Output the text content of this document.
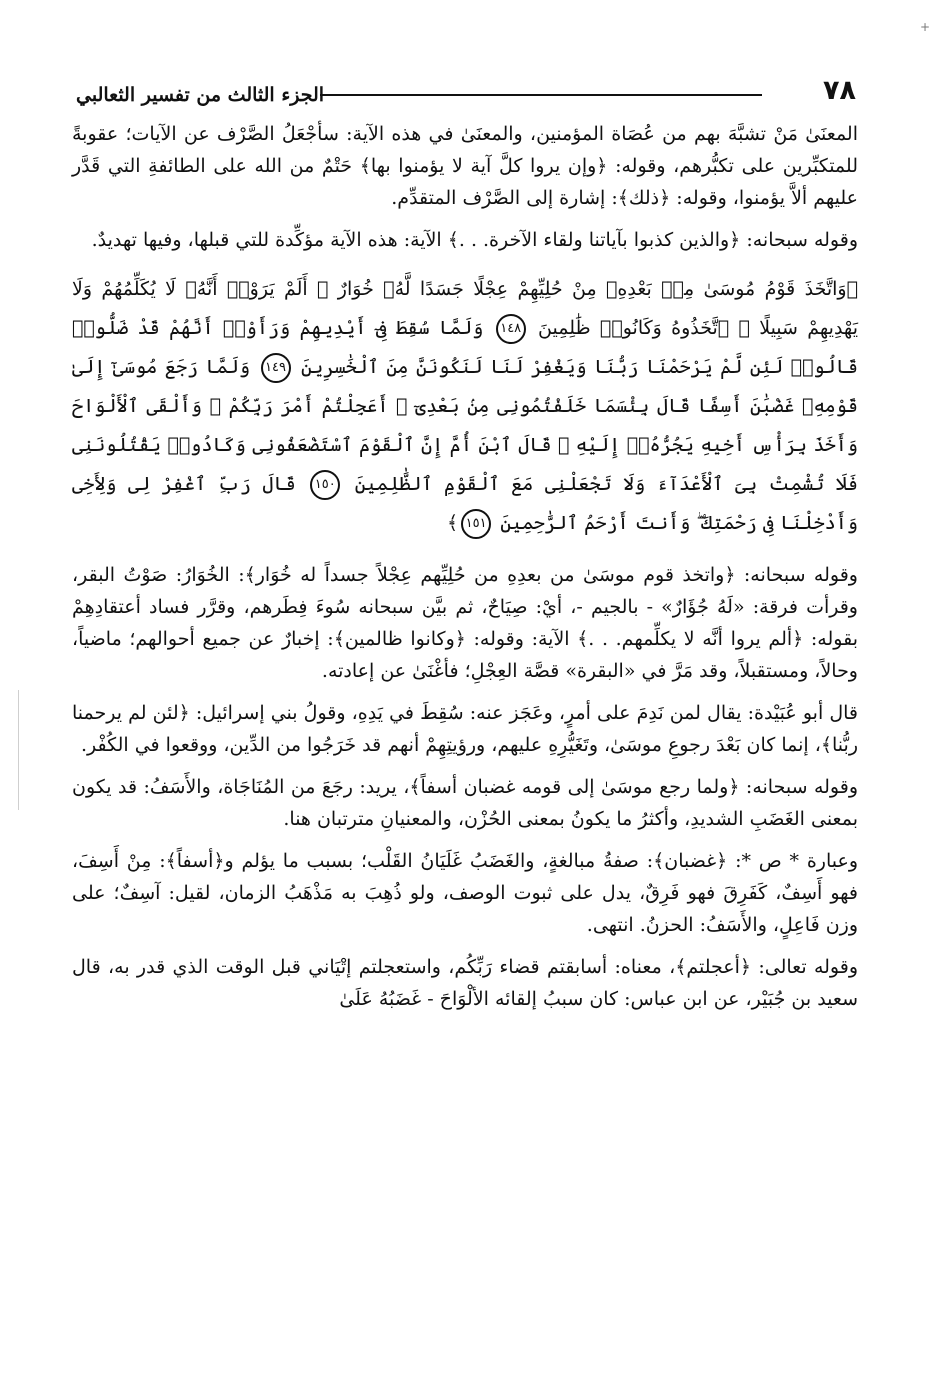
+
٧٨
الجزء الثالث من تفسير الثعالبي

المعنَىٰ مَنْ تشبَّهَ بهم من عُصَاة المؤمنين، والمعنَىٰ في هذه الآية: سأجْعَلُ الصَّرْف عن الآيات؛ عقوبةً للمتكبِّرين على تكبُّرهم، وقوله: ﴿وإن يروا كلَّ آية لا يؤمنوا بها﴾ حَتْمٌ من الله على الطائفةِ التي قَدَّر عليهم ألاَّ يؤمنوا، وقوله: ﴿ذلك﴾: إشارة إلى الصَّرْف المتقدِّم.

وقوله سبحانه: ﴿والذين كذبوا بآياتنا ولقاء الآخرة. . .﴾ الآية: هذه الآية مؤكِّدة للتي قبلها، وفيها تهديدٌ.

﴿وَاتَّخَذَ قَوْمُ مُوسَىٰ مِنۢ بَعْدِهِۦ مِنْ حُلِيِّهِمْ عِجْلًا جَسَدًا لَّهُۥ خُوَارٌ ۚ أَلَمْ يَرَوْا۟ أَنَّهُۥ لَا يُكَلِّمُهُمْ وَلَا يَهْدِيهِمْ سَبِيلًا ۘ ٱتَّخَذُوهُ وَكَانُوا۟ ظَٰلِمِينَ ١٤٨ وَلَمَّا سُقِطَ فِىٓ أَيْدِيهِمْ وَرَأَوْا۟ أَنَّهُمْ قَدْ ضَلُّوا۟ قَالُوا۟ لَئِن لَّمْ يَرْحَمْنَا رَبُّنَا وَيَغْفِرْ لَنَا لَنَكُونَنَّ مِنَ ٱلْخَٰسِرِينَ ١٤٩ وَلَمَّا رَجَعَ مُوسَىٰٓ إِلَىٰ قَوْمِهِۦ غَضْبَٰنَ أَسِفًا قَالَ بِئْسَمَا خَلَفْتُمُونِى مِنۢ بَعْدِىٓ ۖ أَعَجِلْتُمْ أَمْرَ رَبِّكُمْ ۖ وَأَلْقَى ٱلْأَلْوَاحَ وَأَخَذَ بِرَأْسِ أَخِيهِ يَجُرُّهُۥٓ إِلَيْهِ ۚ قَالَ ٱبْنَ أُمَّ إِنَّ ٱلْقَوْمَ ٱسْتَضْعَفُونِى وَكَادُوا۟ يَقْتُلُونَنِى فَلَا تُشْمِتْ بِىَ ٱلْأَعْدَآءَ وَلَا تَجْعَلْنِى مَعَ ٱلْقَوْمِ ٱلظَّٰلِمِينَ ١٥٠ قَالَ رَبِّ ٱغْفِرْ لِى وَلِأَخِى وَأَدْخِلْنَا فِى رَحْمَتِكَ ۖ وَأَنتَ أَرْحَمُ ٱلرَّٰحِمِينَ ١٥١﴾

وقوله سبحانه: ﴿واتخذ قوم موسَىٰ من بعدِهِ من حُلِيِّهم عِجْلاً جسداً له خُوَار﴾: الخُوَارُ: صَوْتُ البقر، وقرأت فرقة: «لَهُ جُؤَارٌ» - بالجيم -، أيْ: صِيَاحٌ، ثم بيَّن سبحانه سُوءَ فِطَرهم، وقرَّر فساد أعتقادِهِمْ بقوله: ﴿ألم يروا أنَّه لا يكلِّمهم. . .﴾ الآية: وقوله: ﴿وكانوا ظالمين﴾: إخبارٌ عن جميع أحوالهم؛ ماضياً، وحالاً، ومستقبلاً، وقد مَرَّ في «البقرة» قصَّة العِجْلِ؛ فأغْنَىٰ عن إعادته.

قال أبو عُبَيْدة: يقال لمن نَدِمَ على أمرٍ، وعَجَز عنه: سُقِطَ في يَدِهِ، وقولُ بني إسرائيل: ﴿لئن لم يرحمنا ربُّنا﴾، إنما كان بَعْدَ رجوعِ موسَىٰ، وتَغَيُّرِهِ عليهم، ورؤيتِهِمْ أنهم قد خَرَجُوا من الدِّين، ووقعوا في الكُفْر.

وقوله سبحانه: ﴿ولما رجع موسَىٰ إلى قومه غضبان أسفاً﴾، يريد: رجَعَ من المُنَاجَاة، والأَسَفُ: قد يكون بمعنى الغَضَبِ الشديدِ، وأكثرُ ما يكونُ بمعنى الحُزْن، والمعنيانِ مترتبان هنا.

وعبارة * ص *: ﴿غضبان﴾: صفةُ مبالغةٍ، والغَضَبُ غَلَيَانُ القَلْب؛ بسبب ما يؤلم و﴿أسفاً﴾: مِنْ أَسِفَ، فهو أَسِفٌ، كَفَرِقَ فهو فَرِقٌ، يدل على ثبوت الوصف، ولو ذُهِبَ به مَذْهَبُ الزمان، لقيل: آسِفٌ؛ على وزن فَاعِلٍ، والأَسَفُ: الحزنُ. انتهى.

وقوله تعالى: ﴿أعجلتم﴾، معناه: أسابقتم قضاء رَبِّكُم، واستعجلتم إتْيَاني قبل الوقت الذي قدر به، قال سعيد بن جُبَيْر، عن ابن عباس: كان سببُ إلقائه الألْوَاحَ - غَضَبُهُ عَلَىٰ
